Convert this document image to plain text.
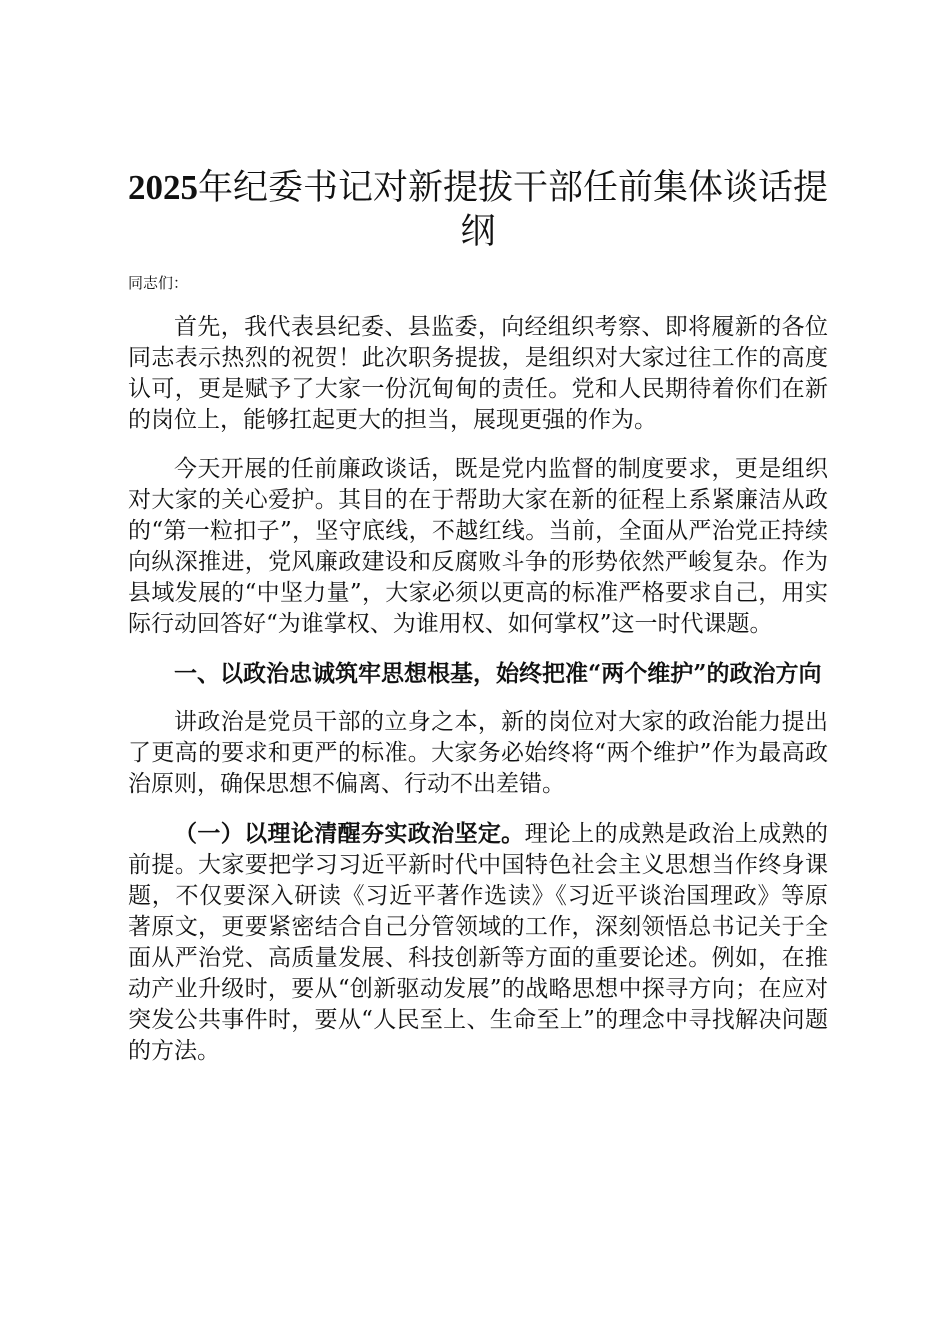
2025年纪委书记对新提拔干部任前集体谈话提纲

同志们：

首先，我代表县纪委、县监委，向经组织考察、即将履新的各位同志表示热烈的祝贺！此次职务提拔，是组织对大家过往工作的高度认可，更是赋予了大家一份沉甸甸的责任。党和人民期待着你们在新的岗位上，能够扛起更大的担当，展现更强的作为。

今天开展的任前廉政谈话，既是党内监督的制度要求，更是组织对大家的关心爱护。其目的在于帮助大家在新的征程上系紧廉洁从政的“第一粒扣子”，坚守底线，不越红线。当前，全面从严治党正持续向纵深推进，党风廉政建设和反腐败斗争的形势依然严峻复杂。作为县域发展的“中坚力量”，大家必须以更高的标准严格要求自己，用实际行动回答好“为谁掌权、为谁用权、如何掌权”这一时代课题。

一、以政治忠诚筑牢思想根基，始终把准“两个维护”的政治方向

讲政治是党员干部的立身之本，新的岗位对大家的政治能力提出了更高的要求和更严的标准。大家务必始终将“两个维护”作为最高政治原则，确保思想不偏离、行动不出差错。

（一）以理论清醒夯实政治坚定。理论上的成熟是政治上成熟的前提。大家要把学习习近平新时代中国特色社会主义思想当作终身课题，不仅要深入研读《习近平著作选读》《习近平谈治国理政》等原著原文，更要紧密结合自己分管领域的工作，深刻领悟总书记关于全面从严治党、高质量发展、科技创新等方面的重要论述。例如，在推动产业升级时，要从“创新驱动发展”的战略思想中探寻方向；在应对突发公共事件时，要从“人民至上、生命至上”的理念中寻找解决问题的方法。
